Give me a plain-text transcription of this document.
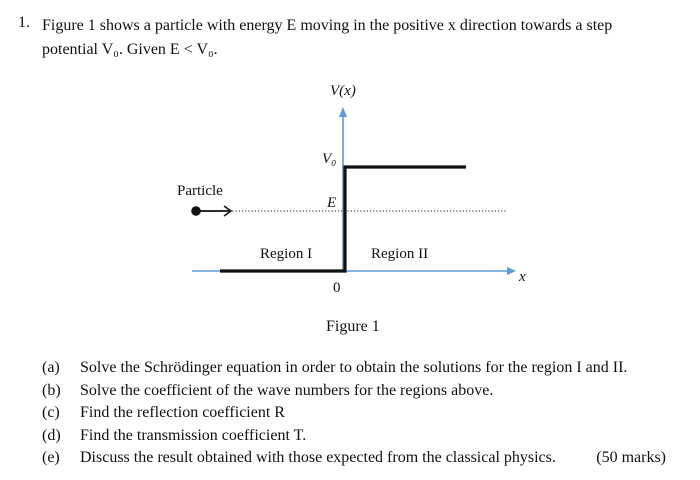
1. Figure 1 shows a particle with energy E moving in the positive x direction towards a step
potential V₀. Given E < V₀.
V(x)
V₀
E
Particle
Region I	Region II
0
x
Figure 1
(a) Solve the Schrödinger equation in order to obtain the solutions for the region I and II.
(b) Solve the coefficient of the wave numbers for the regions above.
(c) Find the reflection coefficient R
(d) Find the transmission coefficient T.
(e) Discuss the result obtained with those expected from the classical physics.	(50 marks)
